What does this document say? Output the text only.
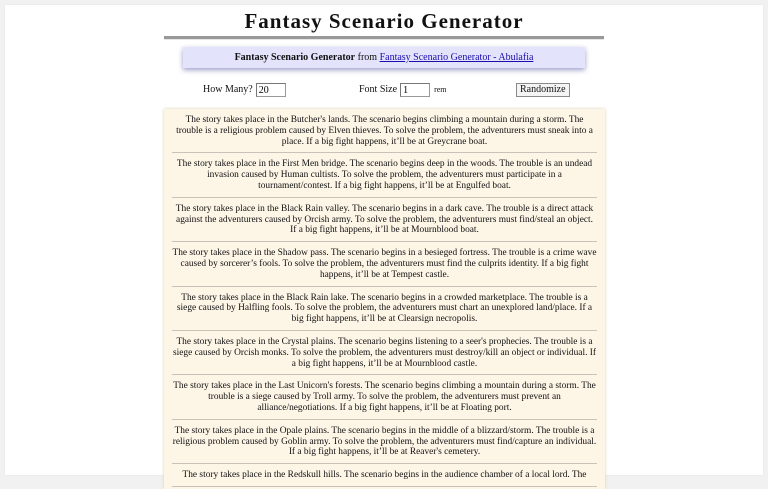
Fantasy Scenario Generator
Fantasy Scenario Generator from Fantasy Scenario Generator - Abulafia
How Many?
20	Font Size
1	rem	Randomize
The story takes place in the Butcher's lands. The scenario begins climbing a mountain during a storm. The trouble is a religious problem caused by Elven thieves. To solve the problem, the adventurers must sneak into a place. If a big fight happens, it’ll be at Greycrane boat.
The story takes place in the First Men bridge. The scenario begins deep in the woods. The trouble is an undead invasion caused by Human cultists. To solve the problem, the adventurers must participate in a tournament/contest. If a big fight happens, it’ll be at Engulfed boat.
The story takes place in the Black Rain valley. The scenario begins in a dark cave. The trouble is a direct attack against the adventurers caused by Orcish army. To solve the problem, the adventurers must find/steal an object. If a big fight happens, it’ll be at Mournblood boat.
The story takes place in the Shadow pass. The scenario begins in a besieged fortress. The trouble is a crime wave caused by sorcerer’s fools. To solve the problem, the adventurers must find the culprits identity. If a big fight happens, it’ll be at Tempest castle.
The story takes place in the Black Rain lake. The scenario begins in a crowded marketplace. The trouble is a siege caused by Halfling fools. To solve the problem, the adventurers must chart an unexplored land/place. If a big fight happens, it’ll be at Clearsign necropolis.
The story takes place in the Crystal plains. The scenario begins listening to a seer's prophecies. The trouble is a siege caused by Orcish monks. To solve the problem, the adventurers must destroy/kill an object or individual. If a big fight happens, it’ll be at Mournblood castle.
The story takes place in the Last Unicorn's forests. The scenario begins climbing a mountain during a storm. The trouble is a siege caused by Troll army. To solve the problem, the adventurers must prevent an alliance/negotiations. If a big fight happens, it’ll be at Floating port.
The story takes place in the Opale plains. The scenario begins in the middle of a blizzard/storm. The trouble is a religious problem caused by Goblin army. To solve the problem, the adventurers must find/capture an individual. If a big fight happens, it’ll be at Reaver's cemetery.
The story takes place in the Redskull hills. The scenario begins in the audience chamber of a local lord. The
